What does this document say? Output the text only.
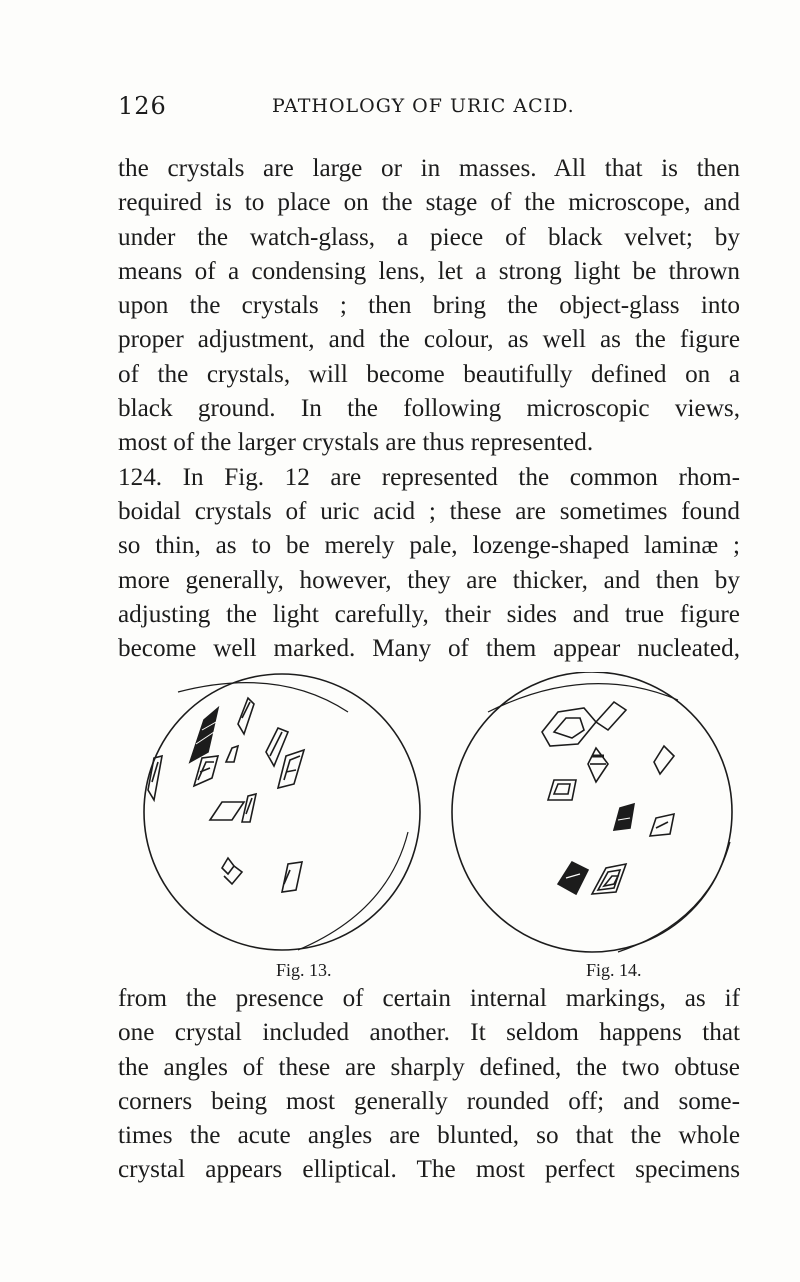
126	PATHOLOGY OF URIC ACID.

the crystals are large or in masses. All that is then
required is to place on the stage of the microscope, and
under the watch-glass, a piece of black velvet; by
means of a condensing lens, let a strong light be thrown
upon the crystals ; then bring the object-glass into
proper adjustment, and the colour, as well as the figure
of the crystals, will become beautifully defined on a
black ground. In the following microscopic views,
most of the larger crystals are thus represented.
124. In Fig. 12 are represented the common rhom-
boidal crystals of uric acid ; these are sometimes found
so thin, as to be merely pale, lozenge-shaped laminæ ;
more generally, however, they are thicker, and then by
adjusting the light carefully, their sides and true figure
become well marked. Many of them appear nucleated,

Fig. 13.	Fig. 14.

from the presence of certain internal markings, as if
one crystal included another. It seldom happens that
the angles of these are sharply defined, the two obtuse
corners being most generally rounded off; and some-
times the acute angles are blunted, so that the whole
crystal appears elliptical. The most perfect specimens
